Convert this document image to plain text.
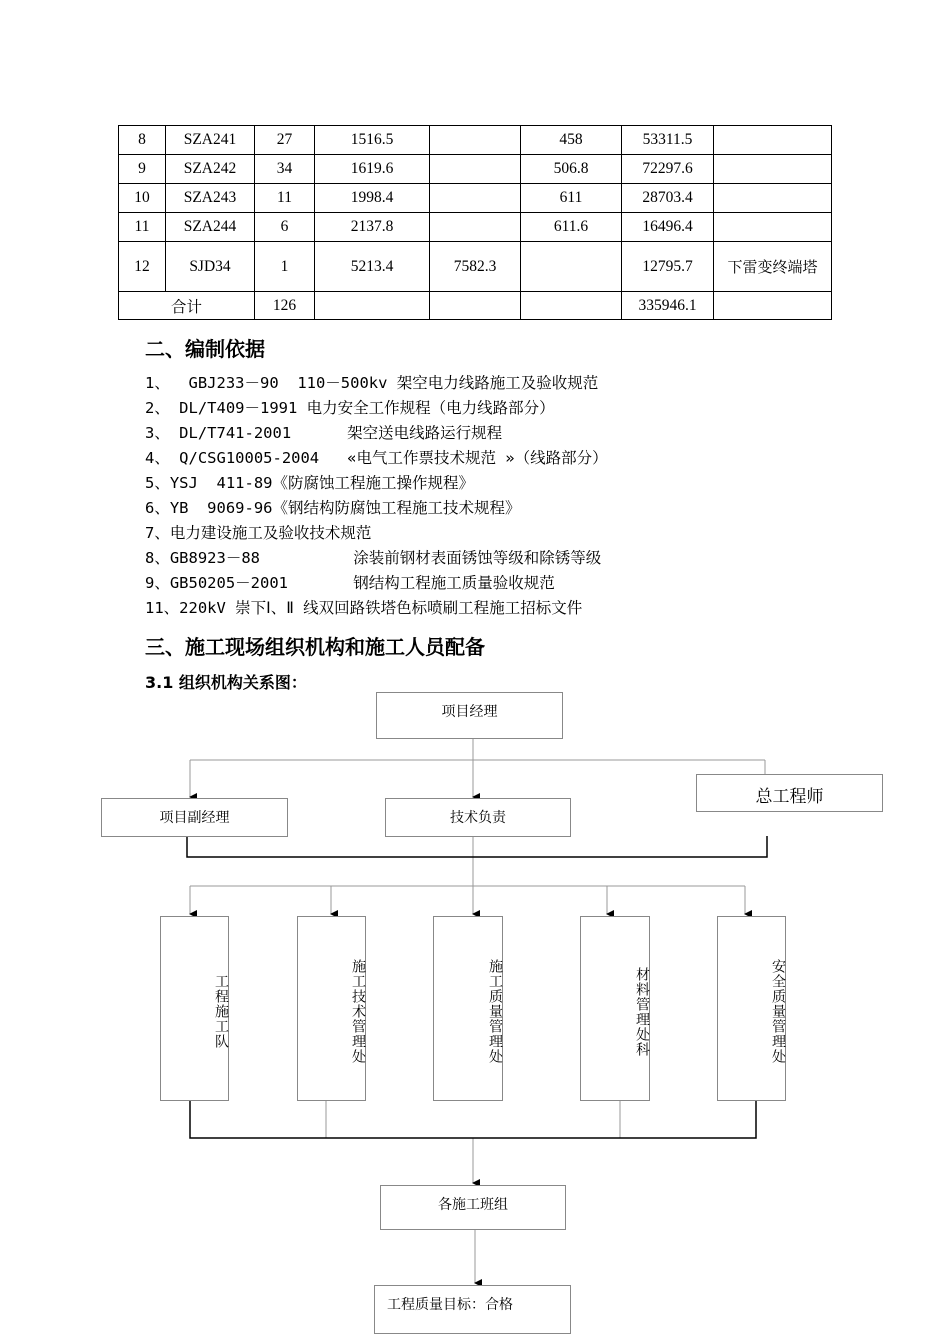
8	SZA241	27	1516.5		458	53311.5	
9	SZA242	34	1619.6		506.8	72297.6	
10	SZA243	11	1998.4		611	28703.4	
11	SZA244	6	2137.8		611.6	16496.4	
12	SJD34	1	5213.4	7582.3		12795.7	下雷变终端塔
合计		126				335946.1	
二、编制依据
1、  GBJ233－90  110－500kv 架空电力线路施工及验收规范
2、 DL/T409－1991 电力安全工作规程（电力线路部分）
3、 DL/T741-2001      架空送电线路运行规程
4、 Q/CSG10005-2004   «电气工作票技术规范 »（线路部分）
5、YSJ  411-89《防腐蚀工程施工操作规程》
6、YB  9069-96《钢结构防腐蚀工程施工技术规程》
7、电力建设施工及验收技术规范
8、GB8923－88          涂装前钢材表面锈蚀等级和除锈等级
9、GB50205－2001       钢结构工程施工质量验收规范
11、220kV 崇下Ⅰ、Ⅱ 线双回路铁塔色标喷刷工程施工招标文件
三、施工现场组织机构和施工人员配备
3.1 组织机构关系图：
项目经理
项目副经理	技术负责
总工程师
工程施工队	施工技术管理处	施工质量管理处	材料管理处科	安全质量管理处
各施工班组
工程质量目标：合格
